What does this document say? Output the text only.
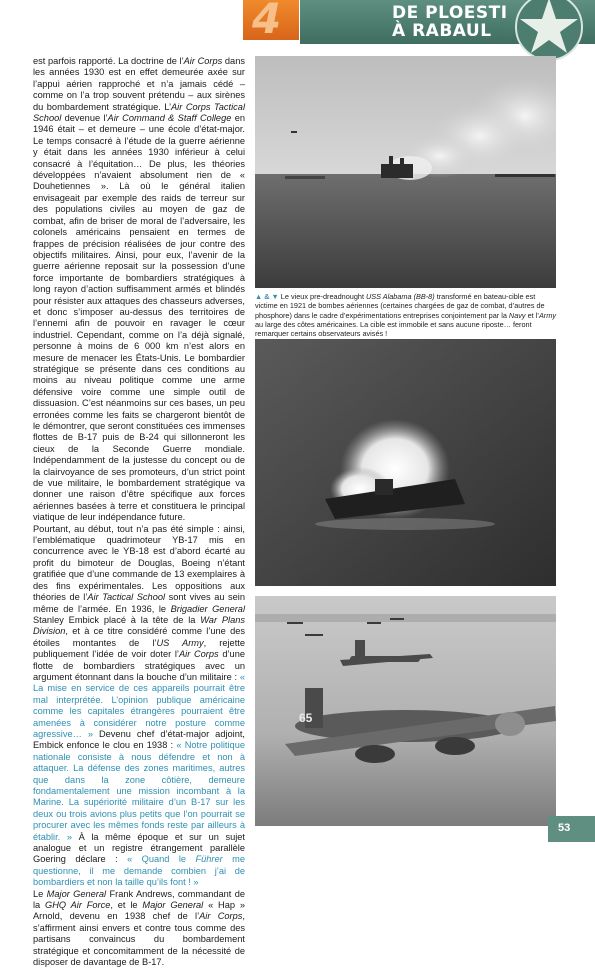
4	DE PLOESTI
À RABAUL

est parfois rapporté. La doctrine de l’Air Corps dans les années 1930 est en effet demeurée axée sur l’appui aérien rapproché et n’a jamais cédé – comme on l’a trop souvent prétendu – aux sirènes du bombardement stratégique. L’Air Corps Tactical School devenue l’Air Command & Staff College en 1946 était – et demeure – une école d’état-major. Le temps consacré à l’étude de la guerre aérienne y était dans les années 1930 inférieur à celui consacré à l’équitation… De plus, les théories développées n’avaient absolument rien de « Douhetiennes ». Là où le général italien envisageait par exemple des raids de terreur sur des populations civiles au moyen de gaz de combat, afin de briser de moral de l’adversaire, les colonels américains pensaient en termes de frappes de précision réalisées de jour contre des objectifs militaires. Ainsi, pour eux, l’avenir de la guerre aérienne reposait sur la possession d’une force importante de bombardiers stratégiques à long rayon d’action suffisamment armés et blindés pour résister aux attaques des chasseurs adverses, et donc s’imposer au-dessus des territoires de l’ennemi afin de pouvoir en ravager le cœur industriel. Cependant, comme on l’a déjà signalé, personne à moins de 6 000 km n’est alors en mesure de menacer les États-Unis. Le bombardier stratégique se présente dans ces conditions au moins au niveau politique comme une arme défensive voire comme une simple outil de dissuasion. C’est néanmoins sur ces bases, un peu erronées comme les faits se chargeront bientôt de le démontrer, que seront constituées ces immenses flottes de B-17 puis de B-24 qui sillonneront les cieux de la Seconde Guerre mondiale. Indépendamment de la justesse du concept ou de la clairvoyance de ses promoteurs, d’un strict point de vue militaire, le bombardement stratégique va donner une raison d’être spécifique aux forces aériennes basées à terre et constituera le principal viatique de leur indépendance future.

Pourtant, au début, tout n’a pas été simple : ainsi, l’emblématique quadrimoteur YB-17 mis en concurrence avec le YB-18 est d’abord écarté au profit du bimoteur de Douglas, Boeing n’étant gratifiée que d’une commande de 13 exemplaires à des fins expérimentales. Les oppositions aux théories de l’Air Tactical School sont vives au sein même de l’armée. En 1936, le Brigadier General Stanley Embick placé à la tête de la War Plans Division, et à ce titre considéré comme l’une des étoiles montantes de l’US Army, rejette publiquement l’idée de voir doter l’Air Corps d’une flotte de bombardiers stratégiques avec un argument étonnant dans la bouche d’un militaire : « La mise en service de ces appareils pourrait être mal interprétée. L’opinion publique américaine comme les capitales étrangères pourraient être amenées à considérer notre posture comme agressive… » Devenu chef d’état-major adjoint, Embick enfonce le clou en 1938 : « Notre politique nationale consiste à nous défendre et non à attaquer. La défense des zones maritimes, autres que dans la zone côtière, demeure fondamentalement une mission incombant à la Marine. La supériorité militaire d’un B-17 sur les deux ou trois avions plus petits que l’on pourrait se procurer avec les mêmes fonds reste par ailleurs à établir. » À la même époque et sur un sujet analogue et un registre étrangement parallèle Goering déclare : « Quand le Führer me questionne, il me demande combien j’ai de bombardiers et non la taille qu’ils font ! »

Le Major General Frank Andrews, commandant de la GHQ Air Force, et le Major General « Hap » Arnold, devenu en 1938 chef de l’Air Corps, s’affirment ainsi envers et contre tous comme des partisans convaincus du bombardement stratégique et concomitamment de la nécessité de disposer de davantage de B-17.

▲ & ▼ Le vieux pre-dreadnought USS Alabama (BB-8) transformé en bateau-cible est victime en 1921 de bombes aériennes (certaines chargées de gaz de combat, d’autres de phosphore) dans le cadre d’expérimentations entreprises conjointement par la Navy et l’Army au large des côtes américaines. La cible est immobile et sans aucune riposte… feront remarquer certains observateurs avisés !
65
53
